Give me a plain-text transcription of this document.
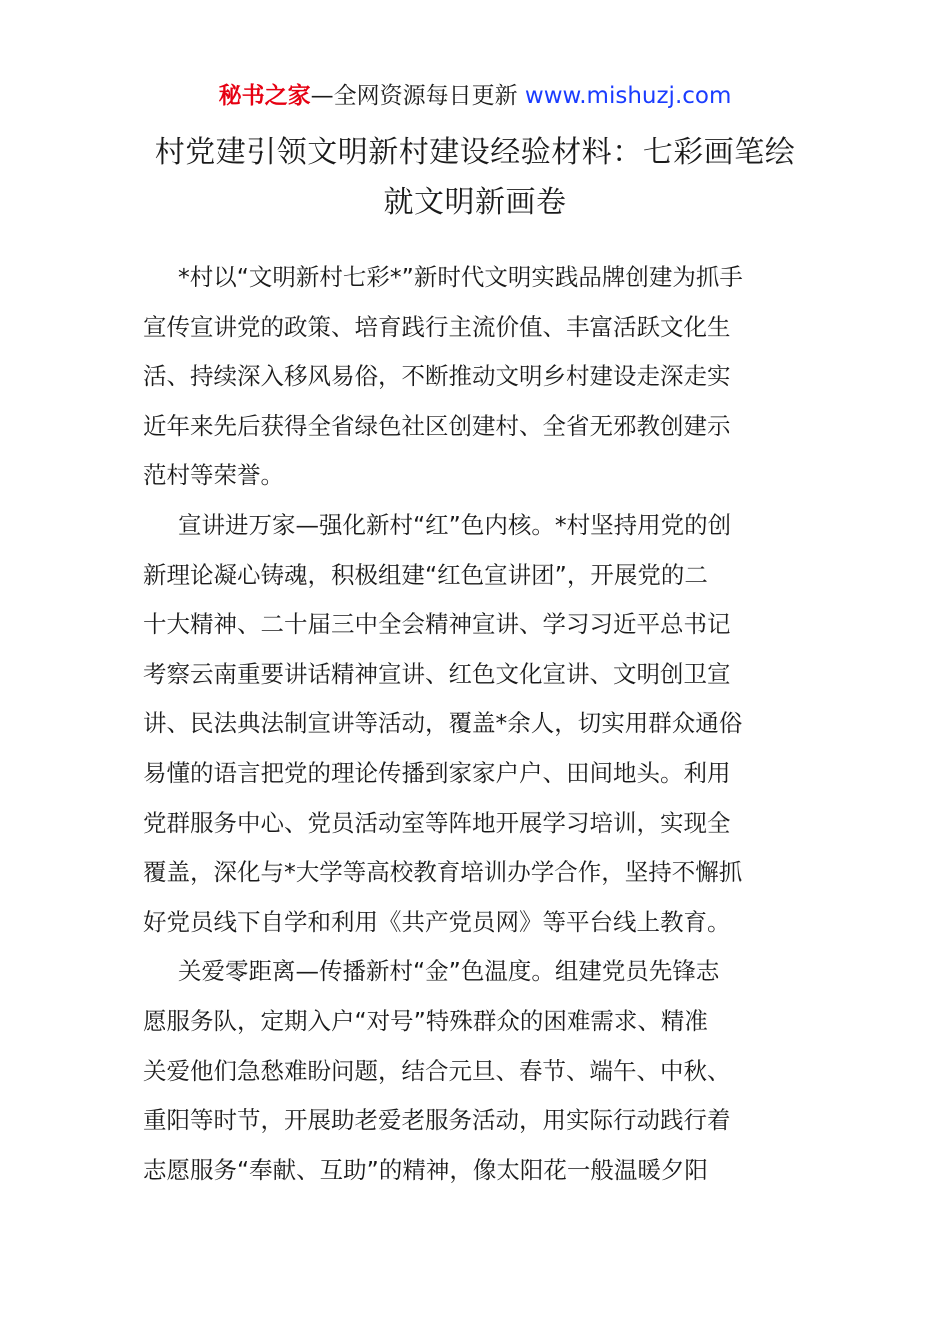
秘书之家—全网资源每日更新 www.mishuzj.com
村党建引领文明新村建设经验材料：七彩画笔绘
就文明新画卷

*村以“文明新村七彩*”新时代文明实践品牌创建为抓手
宣传宣讲党的政策、培育践行主流价值、丰富活跃文化生
活、持续深入移风易俗，不断推动文明乡村建设走深走实
近年来先后获得全省绿色社区创建村、全省无邪教创建示
范村等荣誉。

宣讲进万家—强化新村“红”色内核。*村坚持用党的创
新理论凝心铸魂，积极组建“红色宣讲团”，开展党的二
十大精神、二十届三中全会精神宣讲、学习习近平总书记
考察云南重要讲话精神宣讲、红色文化宣讲、文明创卫宣
讲、民法典法制宣讲等活动，覆盖*余人，切实用群众通俗
易懂的语言把党的理论传播到家家户户、田间地头。利用
党群服务中心、党员活动室等阵地开展学习培训，实现全
覆盖，深化与*大学等高校教育培训办学合作，坚持不懈抓
好党员线下自学和利用《共产党员网》等平台线上教育。

关爱零距离—传播新村“金”色温度。组建党员先锋志
愿服务队，定期入户“对号”特殊群众的困难需求、精准
关爱他们急愁难盼问题，结合元旦、春节、端午、中秋、
重阳等时节，开展助老爱老服务活动，用实际行动践行着
志愿服务“奉献、互助”的精神，像太阳花一般温暖夕阳
